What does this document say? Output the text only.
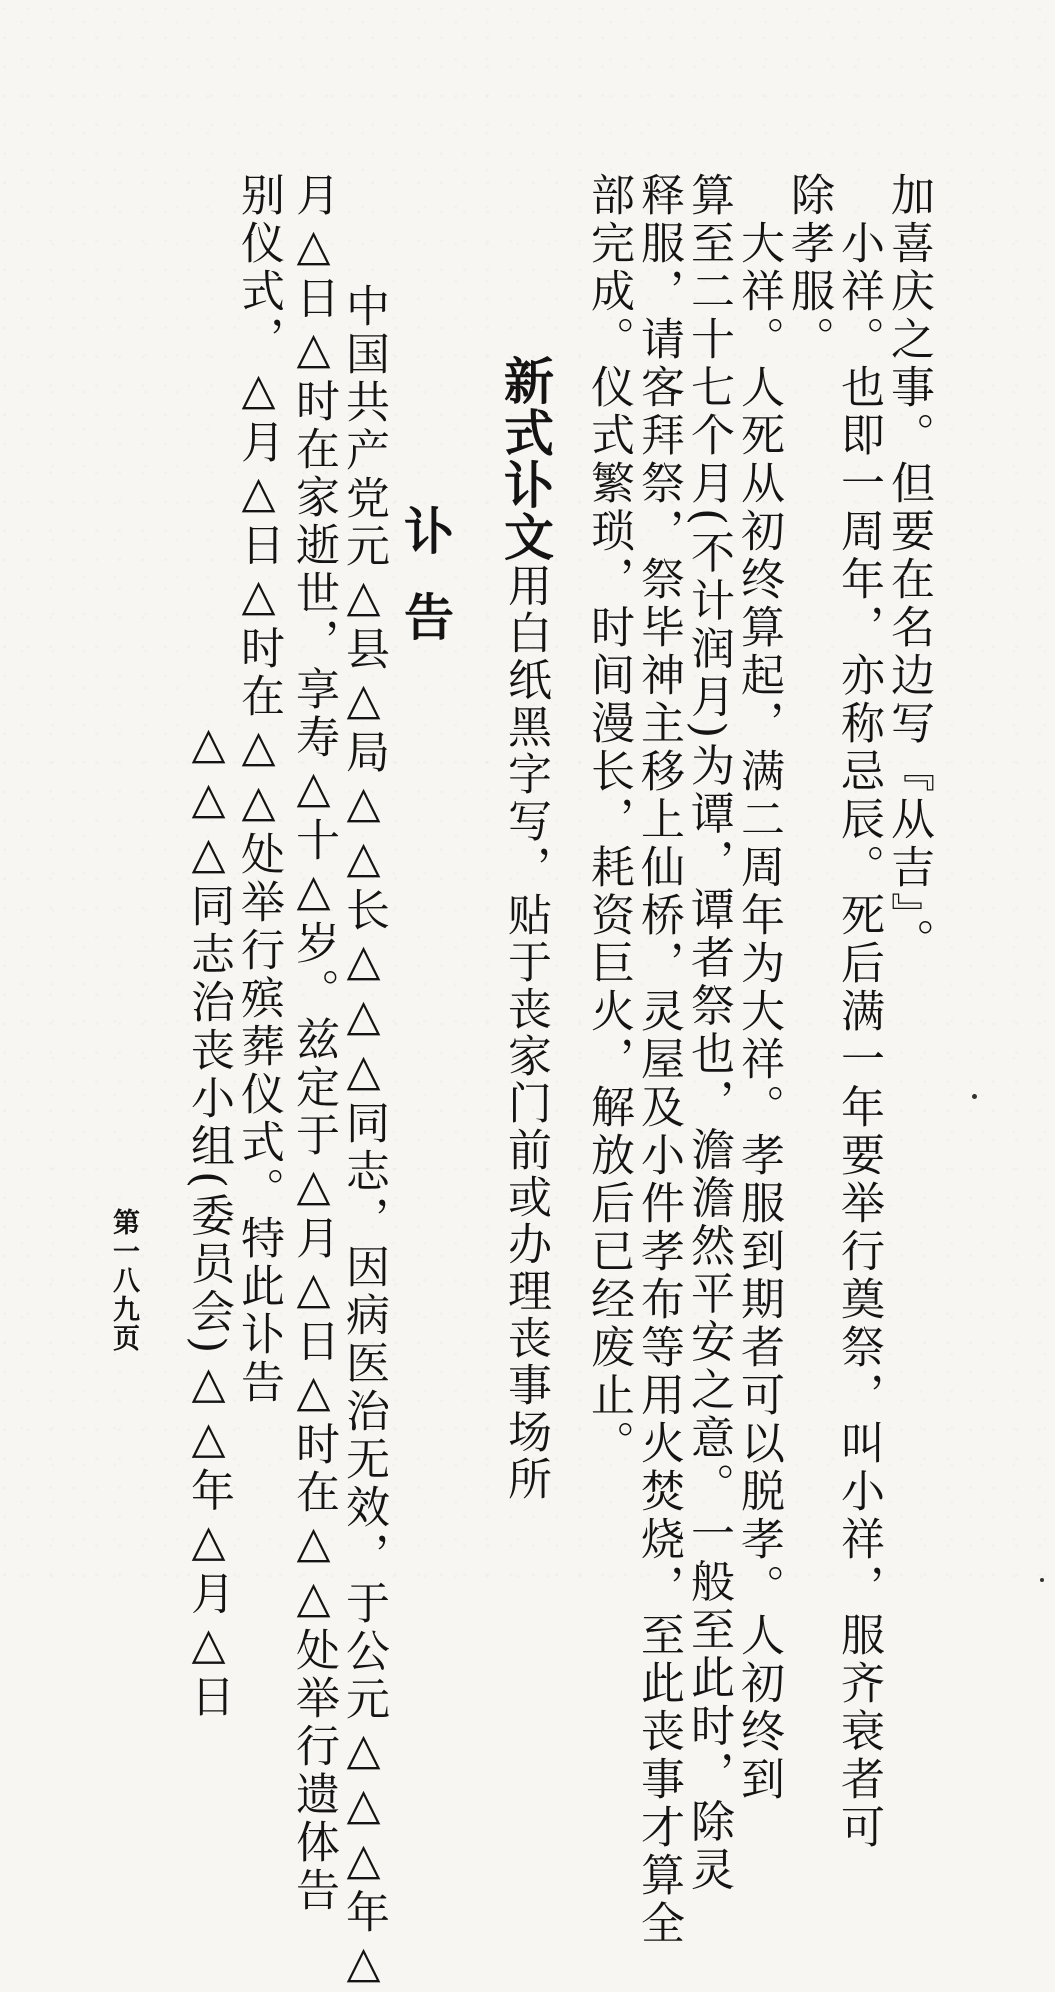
加喜庆之事。但要在名边写『从吉』。

　小祥。也即一周年，亦称忌辰。死后满一年要举行奠祭，叫小祥，服齐衰者可

除孝服。

　大祥。人死从初终算起，满二周年为大祥。孝服到期者可以脱孝。人初终到

算至二十七个月(不计润月)为谭，谭者祭也，澹澹然平安之意。一般至此时，除灵

释服，请客拜祭，祭毕神主移上仙桥，灵屋及小件孝布等用火焚烧，至此丧事才算全

部完成。仪式繁琐，时间漫长，耗资巨火，解放后已经废止。

新式讣文用白纸黑字写，贴于丧家门前或办理丧事场所
讣告

　中国共产党元△县△局△△长△△△同志，因病医治无效，于公元△△△年△

月△日△时在家逝世，享寿△十△岁。兹定于△月△日△时在△△处举行遗体告

别仪式，△月△日△时在△△处举行殡葬仪式。特此讣告

△△△同志治丧小组(委员会)△△年△月△日

第一八九页
